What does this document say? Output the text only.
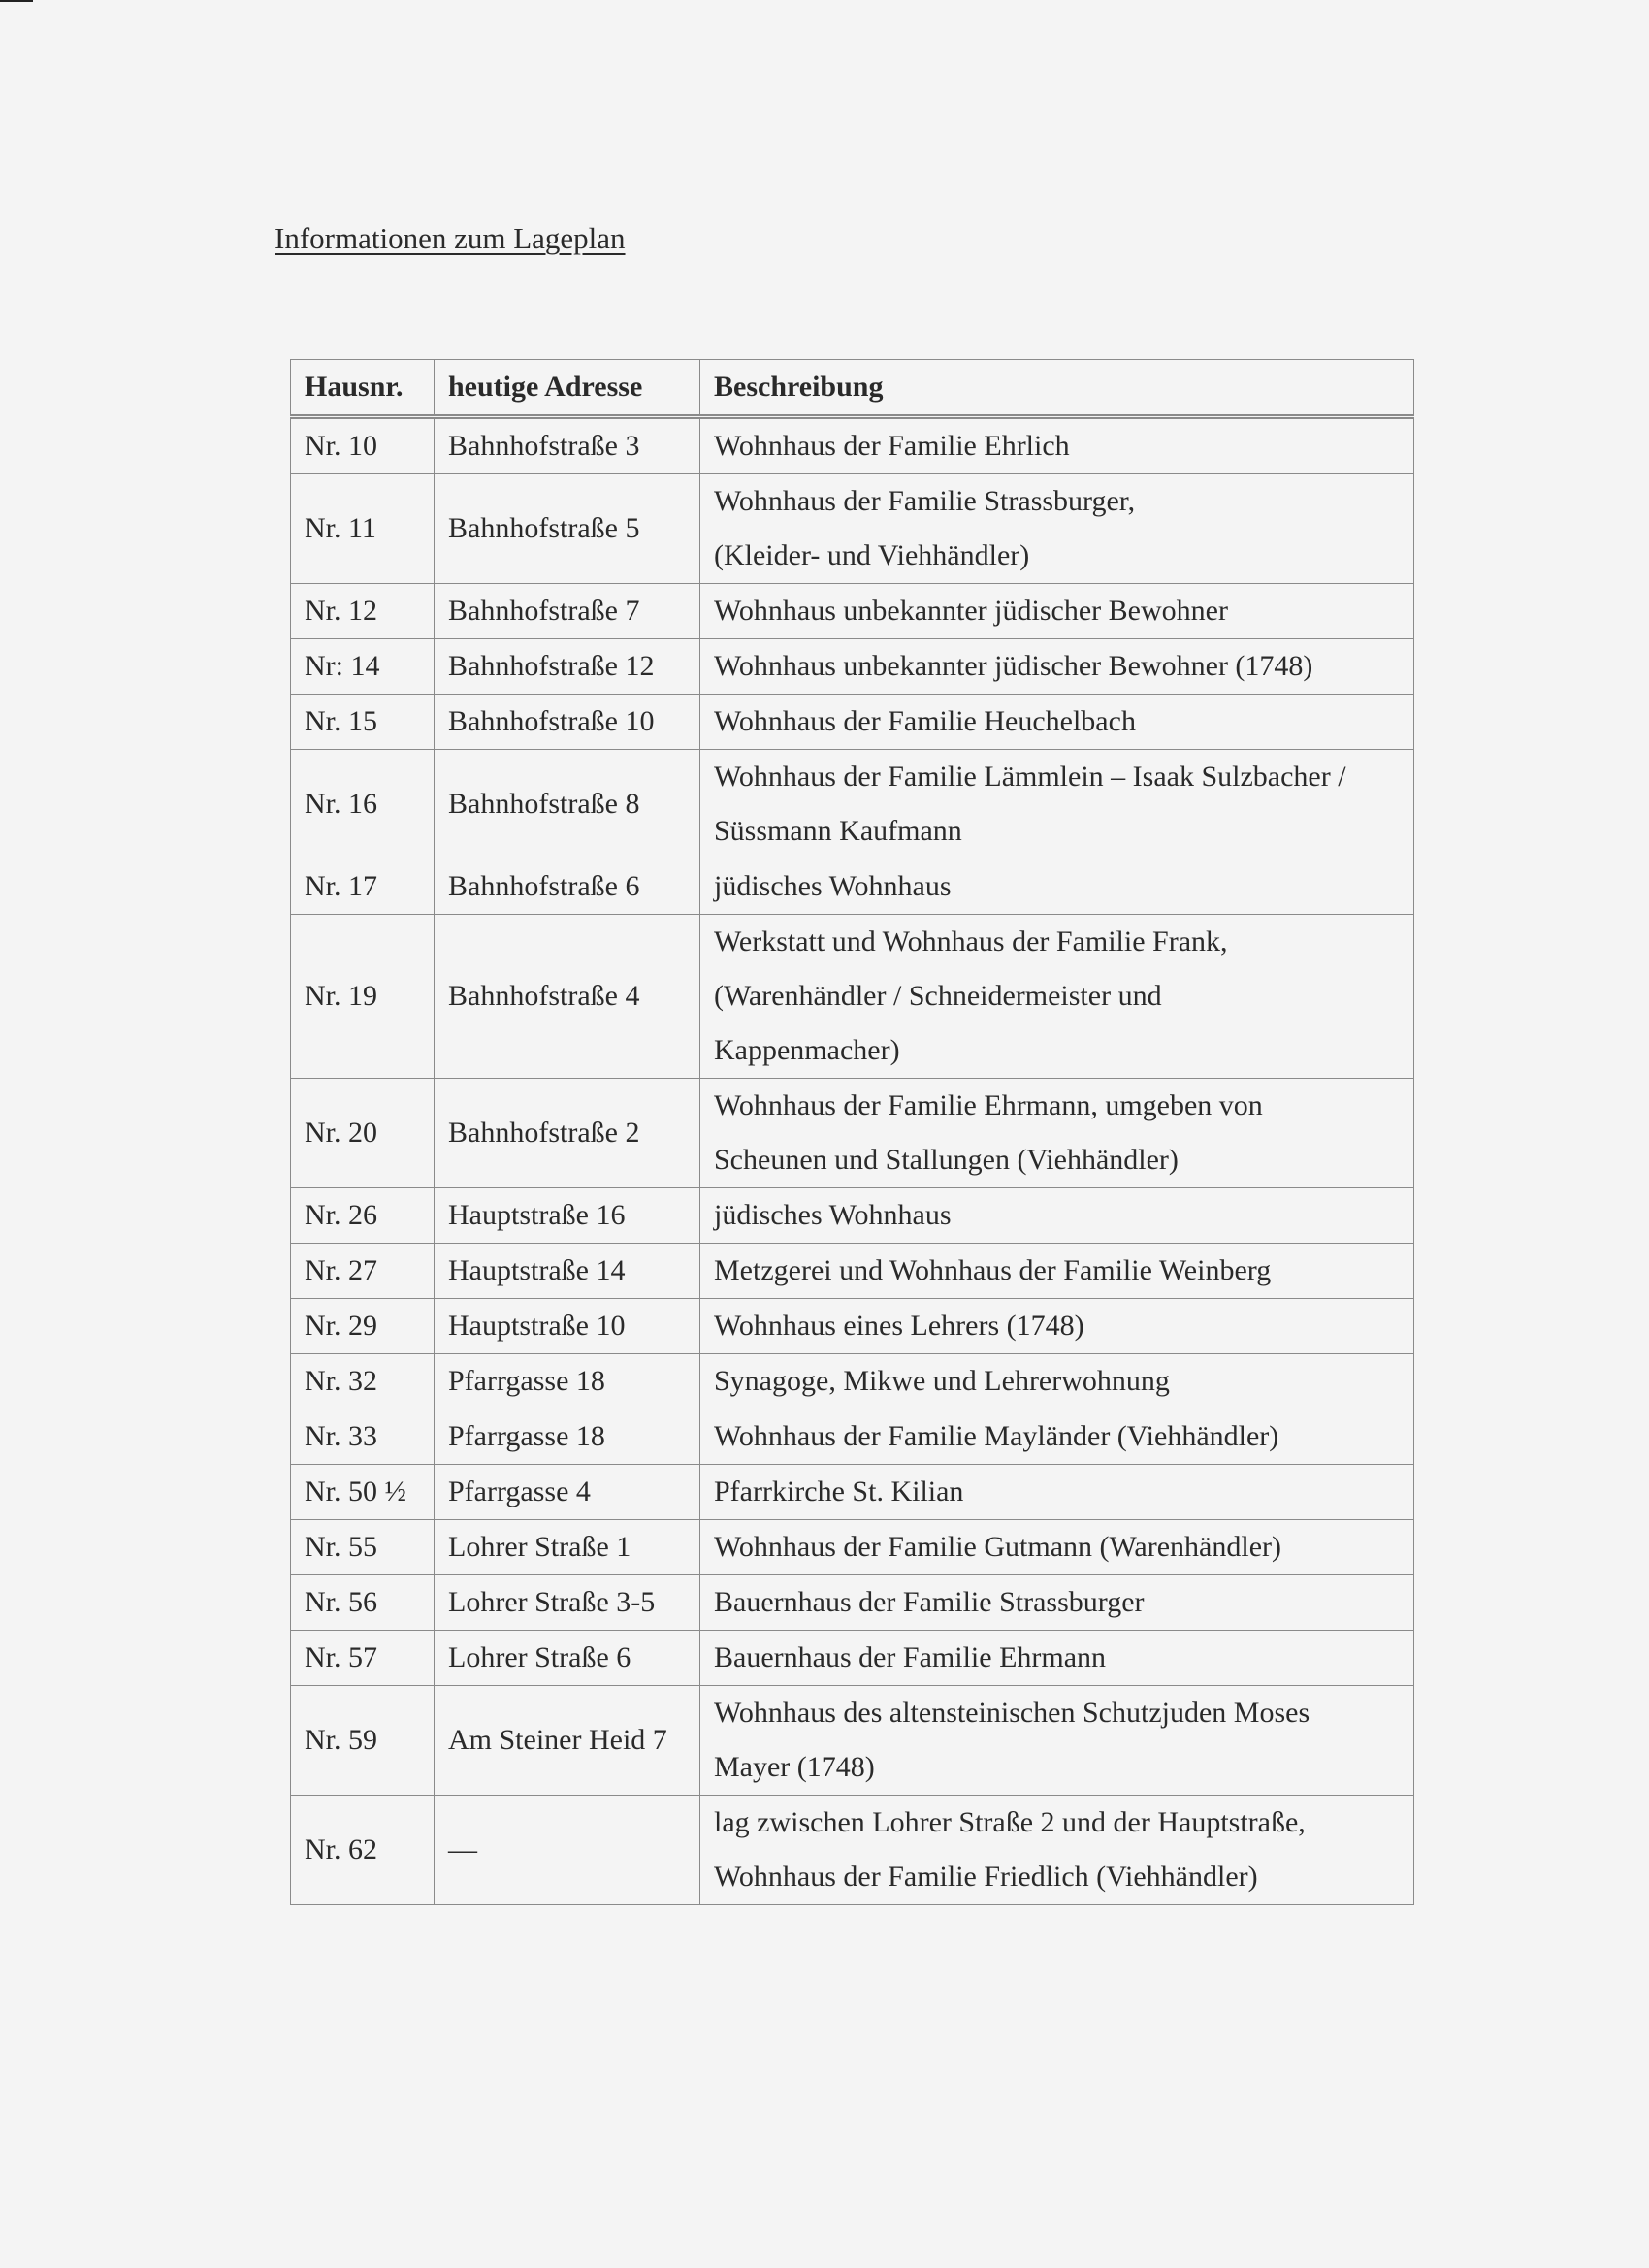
Informationen zum Lageplan
Hausnr.	heutige Adresse	Beschreibung
Nr. 10	Bahnhofstraße 3	Wohnhaus der Familie Ehrlich

Nr. 11	Bahnhofstraße 5	Wohnhaus der Familie Strassburger,
(Kleider- und Viehhändler)

Nr. 12	Bahnhofstraße 7	Wohnhaus unbekannter jüdischer Bewohner

Nr: 14	Bahnhofstraße 12	Wohnhaus unbekannter jüdischer Bewohner (1748)

Nr. 15	Bahnhofstraße 10	Wohnhaus der Familie Heuchelbach

Nr. 16	Bahnhofstraße 8	Wohnhaus der Familie Lämmlein – Isaak Sulzbacher /
Süssmann Kaufmann

Nr. 17	Bahnhofstraße 6	jüdisches Wohnhaus

Nr. 19	Bahnhofstraße 4	Werkstatt und Wohnhaus der Familie Frank,
(Warenhändler / Schneidermeister und
Kappenmacher)

Nr. 20	Bahnhofstraße 2	Wohnhaus der Familie Ehrmann, umgeben von
Scheunen und Stallungen (Viehhändler)

Nr. 26	Hauptstraße 16	jüdisches Wohnhaus

Nr. 27	Hauptstraße 14	Metzgerei und Wohnhaus der Familie Weinberg

Nr. 29	Hauptstraße 10	Wohnhaus eines Lehrers (1748)

Nr. 32	Pfarrgasse 18	Synagoge, Mikwe und Lehrerwohnung

Nr. 33	Pfarrgasse 18	Wohnhaus der Familie Mayländer (Viehhändler)

Nr. 50 ½	Pfarrgasse 4	Pfarrkirche St. Kilian

Nr. 55	Lohrer Straße 1	Wohnhaus der Familie Gutmann (Warenhändler)

Nr. 56	Lohrer Straße 3-5	Bauernhaus der Familie Strassburger

Nr. 57	Lohrer Straße 6	Bauernhaus der Familie Ehrmann

Nr. 59	Am Steiner Heid 7	Wohnhaus des altensteinischen Schutzjuden Moses
Mayer (1748)

Nr. 62	—	lag zwischen Lohrer Straße 2 und der Hauptstraße,
Wohnhaus der Familie Friedlich (Viehhändler)
